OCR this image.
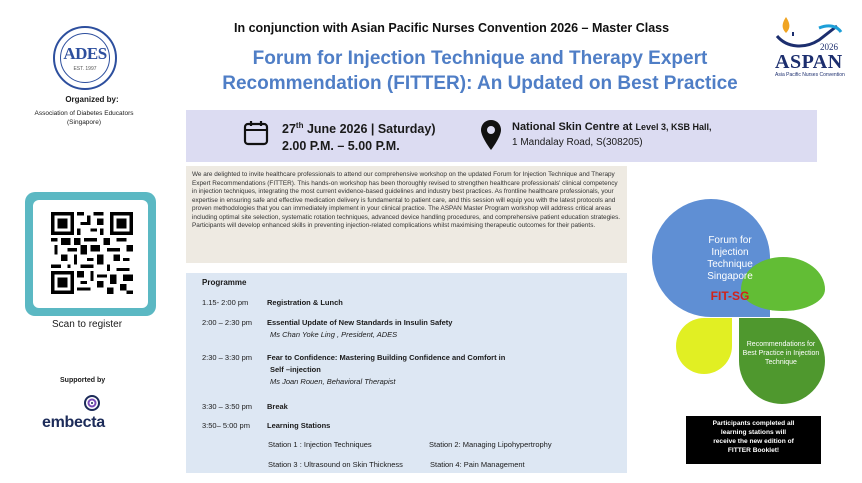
ADES
EST. 1997
Organized by:
Association of Diabetes Educators
(Singapore)
Scan to register
Supported by
embecta
In conjunction with Asian Pacific Nurses Convention 2026 – Master Class
Forum for Injection Technique and Therapy Expert Recommendation (FITTER): An Updated on Best Practice
2026
ASPAN
Asia Pacific Nurses Convention
27th June 2026 | Saturday)
2.00 P.M. – 5.00 P.M.
National Skin Centre at Level 3, KSB Hall,
1 Mandalay Road, S(308205)
We are delighted to invite healthcare professionals to attend our comprehensive workshop on the updated Forum for Injection Technique and Therapy Expert Recommendations (FITTER). This hands-on workshop has been thoroughly revised to strengthen healthcare professionals' clinical competency in injection techniques, integrating the most current evidence-based guidelines and industry best practices. As frontline healthcare professionals, your expertise in ensuring safe and effective medication delivery is fundamental to patient care, and this session will equip you with the latest protocols and proven methodologies that you can immediately implement in your clinical practice. The ASPAN Master Program workshop will address critical areas including optimal site selection, systematic rotation techniques, advanced device handling procedures, and comprehensive patient education strategies. Participants will develop enhanced skills in preventing injection-related complications whilst maximising therapeutic outcomes for their patients.
Programme
1.15- 2:00 pm Registration & Lunch
2:00 – 2:30 pm Essential Update of New Standards in Insulin Safety
Ms Chan Yoke Ling , President, ADES
2:30 – 3:30 pm Fear to Confidence: Mastering Building Confidence and Comfort in
Self –injection
Ms Joan Rouen, Behavioral Therapist
3:30 – 3:50 pm Break
3:50– 5:00 pm Learning Stations
Station 1 : Injection Techniques	Station 2: Managing Lipohypertrophy
Station 3 : Ultrasound on Skin Thickness	Station 4: Pain Management
Forum for
Injection
Technique
Singapore
FIT-SG
Recommendations for Best Practice in Injection Technique
Participants completed all
learning stations will
receive the new edition of
FITTER Booklet!
